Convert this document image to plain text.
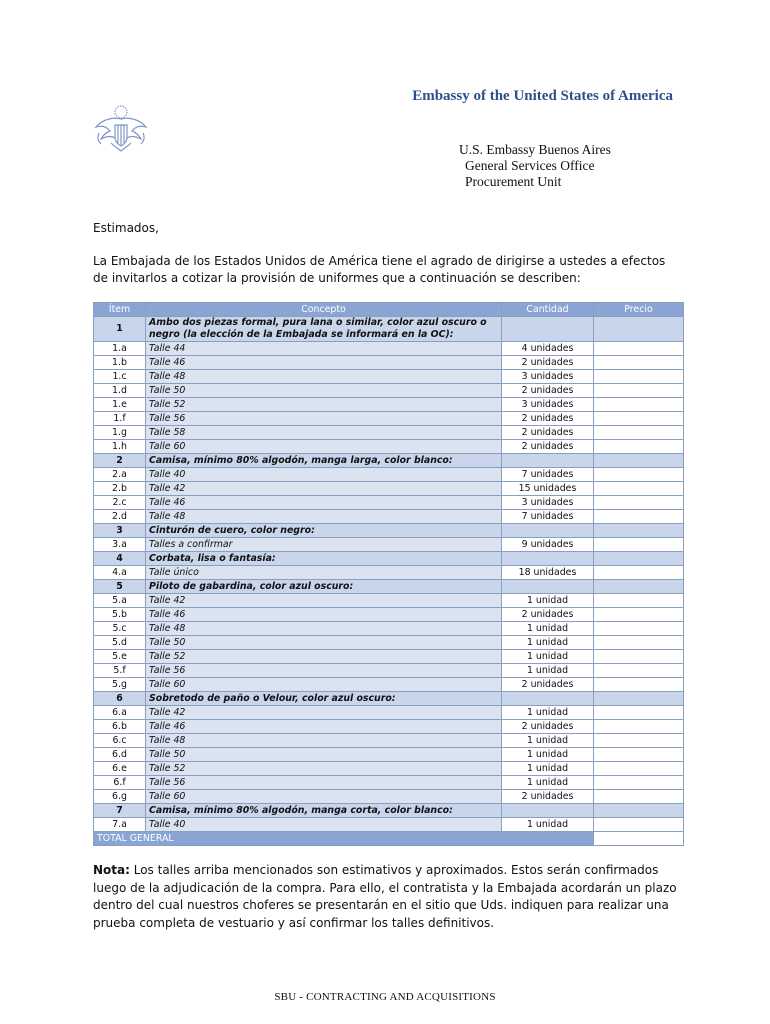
Embassy of the United States of America
U.S. Embassy Buenos Aires
General Services Office
Procurement Unit
Estimados,
La Embajada de los Estados Unidos de América tiene el agrado de dirigirse a ustedes a efectos de invitarlos a cotizar la provisión de uniformes que a continuación se describen:
Ítem	Concepto	Cantidad	Precio
1	Ambo dos piezas formal, pura lana o similar, color azul oscuro o negro (la elección de la Embajada se informará en la OC):		
1.a	Talle 44	4 unidades	
1.b	Talle 46	2 unidades	
1.c	Talle 48	3 unidades	
1.d	Talle 50	2 unidades	
1.e	Talle 52	3 unidades	
1.f	Talle 56	2 unidades	
1.g	Talle 58	2 unidades	
1.h	Talle 60	2 unidades	
2	Camisa, mínimo 80% algodón, manga larga, color blanco:		
2.a	Talle 40	7 unidades	
2.b	Talle 42	15 unidades	
2.c	Talle 46	3 unidades	
2.d	Talle 48	7 unidades	
3	Cinturón de cuero, color negro:		
3.a	Talles a confirmar	9 unidades	
4	Corbata, lisa o fantasía:		
4.a	Talle único	18 unidades	
5	Piloto de gabardina, color azul oscuro:		
5.a	Talle 42	1 unidad	
5.b	Talle 46	2 unidades	
5.c	Talle 48	1 unidad	
5.d	Talle 50	1 unidad	
5.e	Talle 52	1 unidad	
5.f	Talle 56	1 unidad	
5.g	Talle 60	2 unidades	
6	Sobretodo de paño o Velour, color azul oscuro:		
6.a	Talle 42	1 unidad	
6.b	Talle 46	2 unidades	
6.c	Talle 48	1 unidad	
6.d	Talle 50	1 unidad	
6.e	Talle 52	1 unidad	
6.f	Talle 56	1 unidad	
6.g	Talle 60	2 unidades	
7	Camisa, mínimo 80% algodón, manga corta, color blanco:		
7.a	Talle 40	1 unidad	
TOTAL GENERAL			
Nota: Los talles arriba mencionados son estimativos y aproximados. Estos serán confirmados luego de la adjudicación de la compra. Para ello, el contratista y la Embajada acordarán un plazo dentro del cual nuestros choferes se presentarán en el sitio que Uds. indiquen para realizar una prueba completa de vestuario y así confirmar los talles definitivos.
SBU - CONTRACTING AND ACQUISITIONS
